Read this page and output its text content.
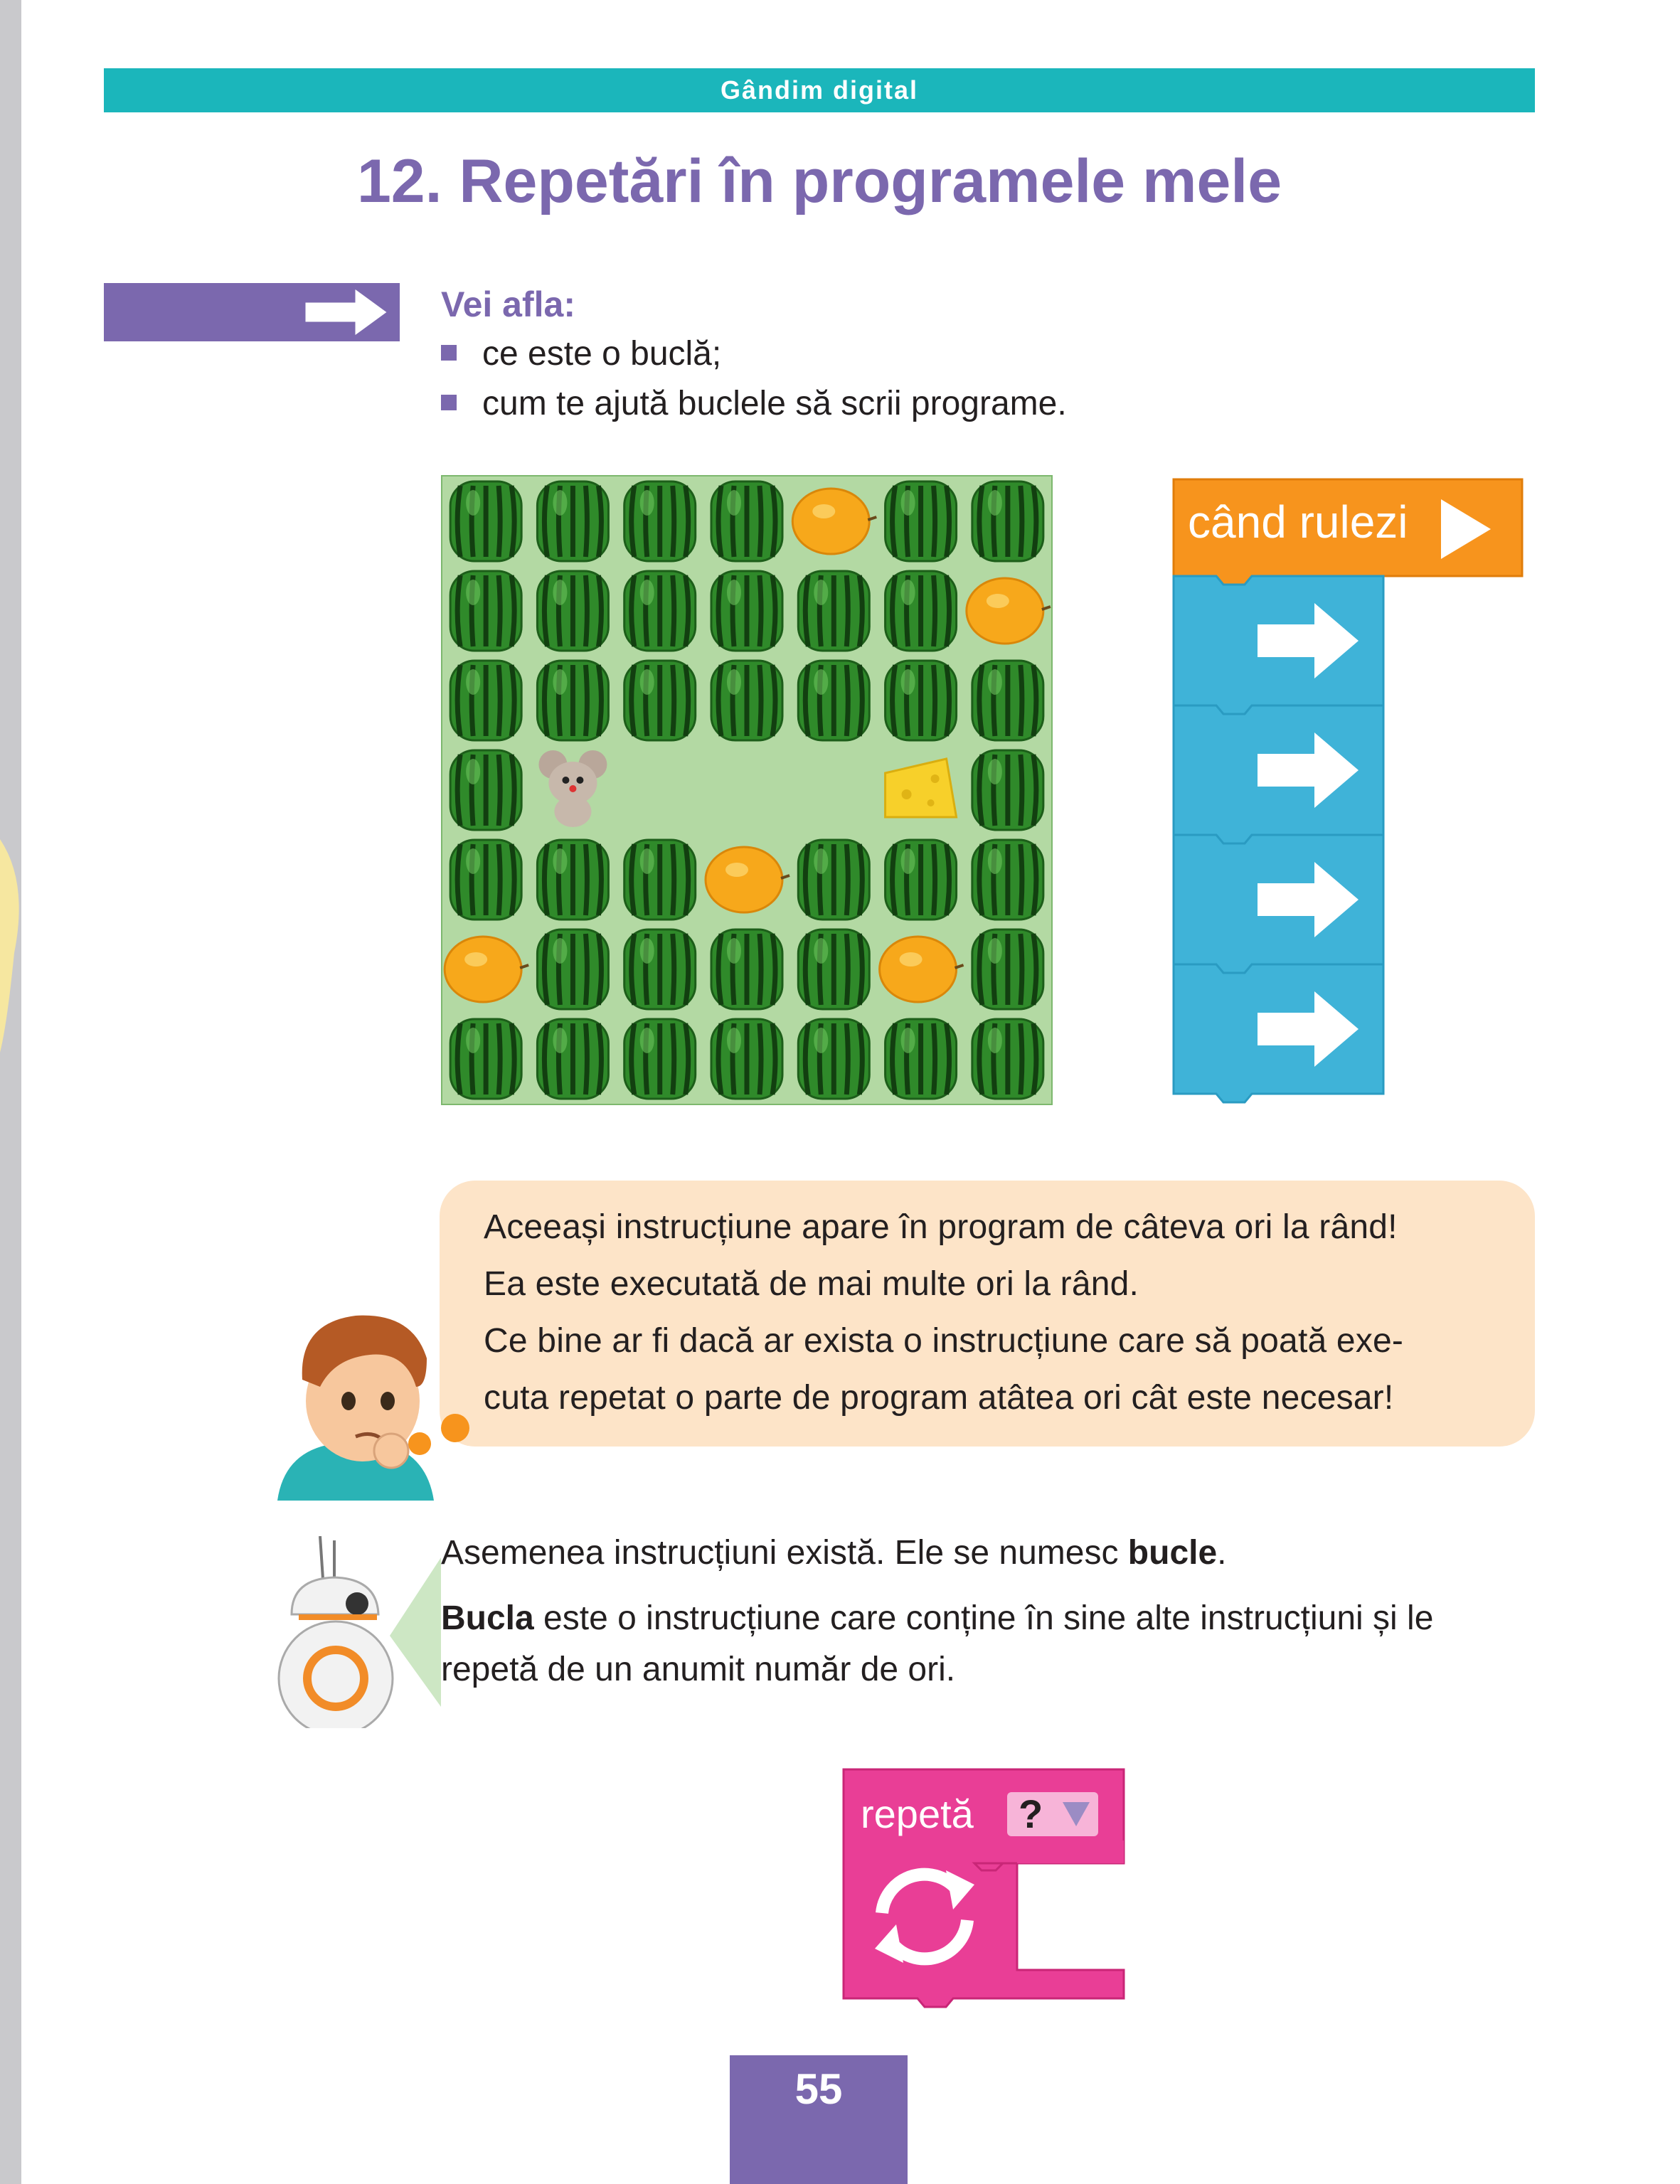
Gândim digital
12. Repetări în programele mele
Vei afla:
ce este o buclă;
cum te ajută buclele să scrii programe.
când rulezi
Aceeași instrucțiune apare în program de câteva ori la rând!
Ea este executată de mai multe ori la rând.
Ce bine ar fi dacă ar exista o instrucțiune care să poată exe-
cuta repetat o parte de program atâtea ori cât este necesar!
Asemenea instrucțiuni există. Ele se numesc bucle.
Bucla este o instrucțiune care conține în sine alte instrucțiuni și le
repetă de un anumit număr de ori.
repetă ?
55
